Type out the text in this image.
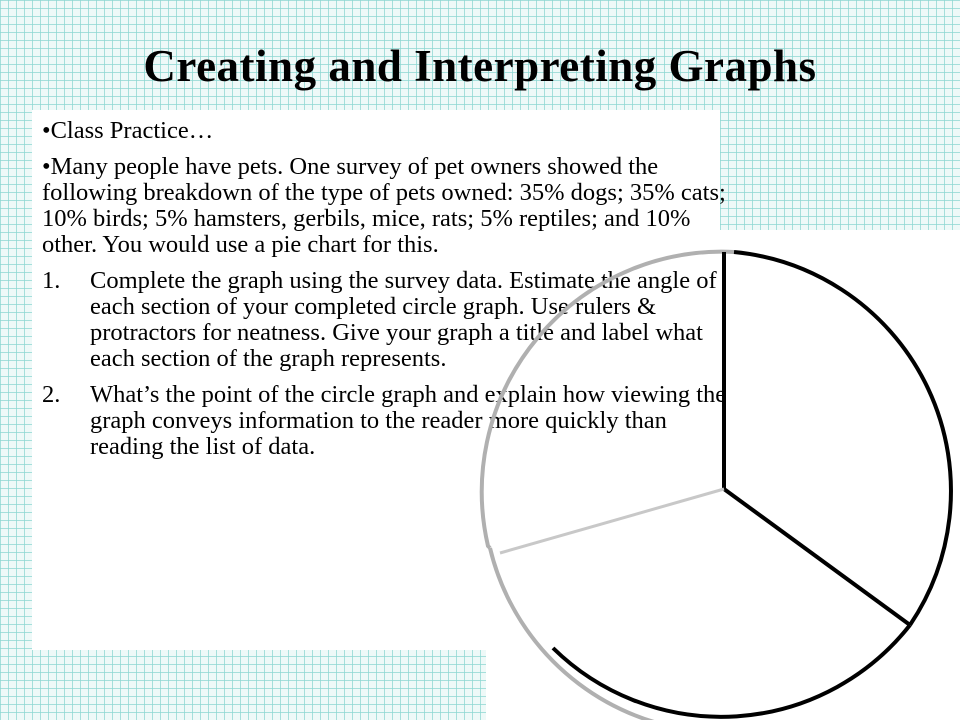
Creating and Interpreting Graphs

•Class Practice…

•Many people have pets. One survey of pet owners showed the following breakdown of the type of pets owned: 35% dogs; 35% cats; 10% birds; 5% hamsters, gerbils, mice, rats; 5% reptiles; and 10% other. You would use a pie chart for this.

1.	Complete the graph using the survey data. Estimate the angle of each section of your completed circle graph. Use rulers & protractors for neatness. Give your graph a title and label what each section of the graph represents.
2.	What’s the point of the circle graph and explain how viewing the graph conveys information to the reader more quickly than reading the list of data.
